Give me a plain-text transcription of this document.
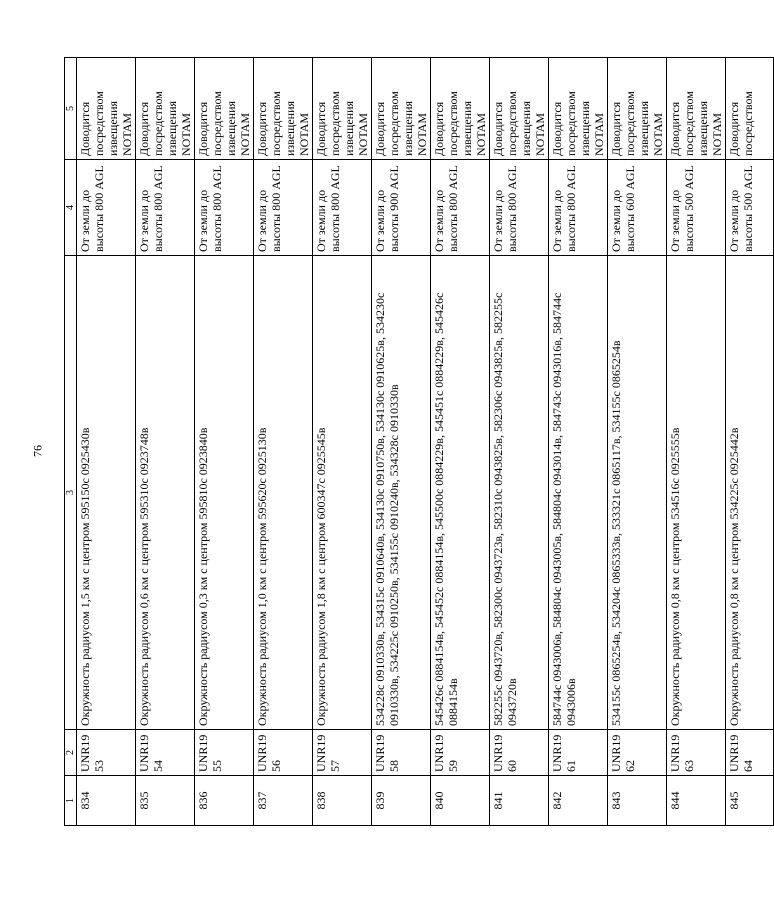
76
1	2	3	4	5
834	UNR1953	Окружность радиусом 1,5 км с центром 595150с 0925430в	От земли до высоты 800 AGL	Доводится посредством извещения NOTAM
835	UNR1954	Окружность радиусом 0,6 км с центром 595310с 0923748в	От земли до высоты 800 AGL	Доводится посредством извещения NOTAM
836	UNR1955	Окружность радиусом 0,3 км с центром 595810с 0923840в	От земли до высоты 800 AGL	Доводится посредством извещения NOTAM
837	UNR1956	Окружность радиусом 1,0 км с центром 595620с 0925130в	От земли до высоты 800 AGL	Доводится посредством извещения NOTAM
838	UNR1957	Окружность радиусом 1,8 км с центром 600347с 0925545в	От земли до высоты 800 AGL	Доводится посредством извещения NOTAM
839	UNR1958	534228с 0910330в, 534315с 0910640в, 534130с 0910750в, 534130с 0910625в, 534230с 0910330в, 534225с 0910250в, 534155с 0910240в, 534328с 0910330в	От земли до высоты 900 AGL	Доводится посредством извещения NOTAM
840	UNR1959	545426с 0884154в, 545452с 0884154в, 545500с 0884229в, 545451с 0884229в, 545426с 0884154в	От земли до высоты 800 AGL	Доводится посредством извещения NOTAM
841	UNR1960	582255с 0943720в, 582300с 0943723в, 582310с 0943825в, 582306с 0943825в, 582255с 0943720в	От земли до высоты 800 AGL	Доводится посредством извещения NOTAM
842	UNR1961	584744с 0943006в, 584804с 0943005в, 584804с 0943014в, 584743с 0943016в, 584744с 0943006в	От земли до высоты 800 AGL	Доводится посредством извещения NOTAM
843	UNR1962	534155с 0865254в, 534204с 0865333в, 533321с 0865117в, 534155с 0865254в	От земли до высоты 600 AGL	Доводится посредством извещения NOTAM
844	UNR1963	Окружность радиусом 0,8 км с центром 534516с 0925555в	От земли до высоты 500 AGL	Доводится посредством извещения NOTAM
845	UNR1964	Окружность радиусом 0,8 км с центром 534225с 0925442в	От земли до высоты 500 AGL	Доводится посредством
